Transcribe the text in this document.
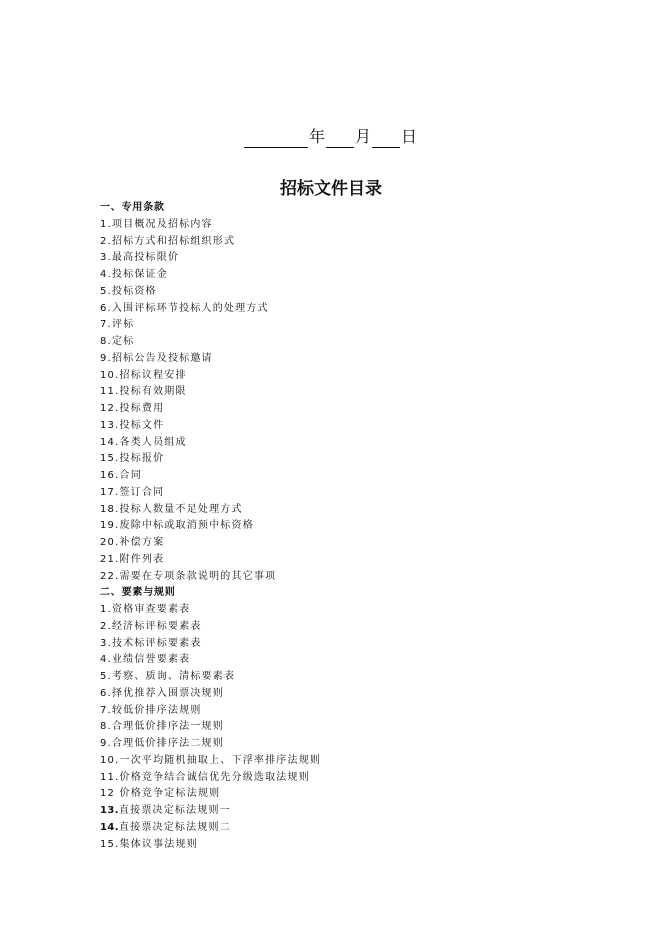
年 月 日
招标文件目录
一、专用条款
1.项目概况及招标内容
2.招标方式和招标组织形式
3.最高投标限价
4.投标保证金
5.投标资格
6.入围评标环节投标人的处理方式
7.评标
8.定标
9.招标公告及投标邀请
10.招标议程安排
11.投标有效期限
12.投标费用
13.投标文件
14.各类人员组成
15.投标报价
16.合同
17.签订合同
18.投标人数量不足处理方式
19.废除中标或取消预中标资格
20.补偿方案
21.附件列表
22.需要在专项条款说明的其它事项
二、要素与规则
1.资格审查要素表
2.经济标评标要素表
3.技术标评标要素表
4.业绩信誉要素表
5.考察、质询、清标要素表
6.择优推荐入围票决规则
7.较低价排序法规则
8.合理低价排序法一规则
9.合理低价排序法二规则
10.一次平均随机抽取上、下浮率排序法规则
11.价格竞争结合诚信优先分级选取法规则
12 价格竞争定标法规则
13.直接票决定标法规则一
14.直接票决定标法规则二
15.集体议事法规则
